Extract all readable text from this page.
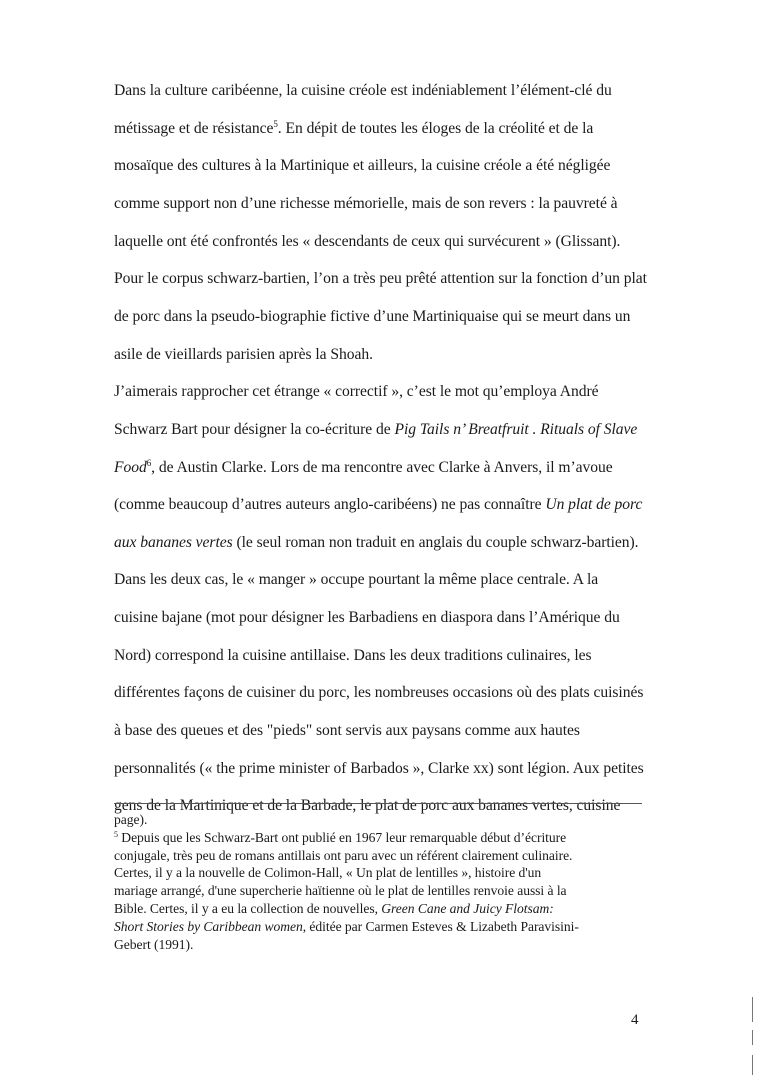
Dans la culture caribéenne, la cuisine créole est indéniablement l’élément-clé du
métissage et de résistance$^5$. En dépit de toutes les éloges de la créolité et de la
mosaïque des cultures à la Martinique et ailleurs, la cuisine créole a été négligée
comme support non d’une richesse mémorielle, mais de son revers : la pauvreté à
laquelle ont été confrontés les « descendants de ceux qui survécurent » (Glissant).
Pour le corpus schwarz-bartien, l’on a très peu prêté attention sur la fonction d’un plat
de porc dans la pseudo-biographie fictive d’une Martiniquaise qui se meurt dans un
asile de vieillards parisien après la Shoah.
J’aimerais rapprocher cet étrange « correctif », c’est le mot qu’employa André
Schwarz Bart pour désigner la co-écriture de Pig Tails n’ Breatfruit . Rituals of Slave
Food$^6$, de Austin Clarke. Lors de ma rencontre avec Clarke à Anvers, il m’avoue
(comme beaucoup d’autres auteurs anglo-caribéens) ne pas connaître Un plat de porc
aux bananes vertes (le seul roman non traduit en anglais du couple schwarz-bartien).
Dans les deux cas, le « manger » occupe pourtant la même place centrale. A la
cuisine bajane (mot pour désigner les Barbadiens en diaspora dans l’Amérique du
Nord) correspond la cuisine antillaise. Dans les deux traditions culinaires, les
différentes façons de cuisiner du porc, les nombreuses occasions où des plats cuisinés
à base des queues et des "pieds" sont servis aux paysans comme aux hautes
personnalités (« the prime minister of Barbados », Clarke xx) sont légion. Aux petites
gens de la Martinique et de la Barbade, le plat de porc aux bananes vertes, cuisine
page).
$^5$ Depuis que les Schwarz-Bart ont publié en 1967 leur remarquable début d’écriture
conjugale, très peu de romans antillais ont paru avec un référent clairement culinaire.
Certes, il y a la nouvelle de Colimon-Hall, « Un plat de lentilles », histoire d'un
mariage arrangé, d'une supercherie haïtienne où le plat de lentilles renvoie aussi à la
Bible. Certes, il y a eu la collection de nouvelles, Green Cane and Juicy Flotsam:
Short Stories by Caribbean women, éditée par Carmen Esteves & Lizabeth Paravisini-
Gebert (1991).
4
